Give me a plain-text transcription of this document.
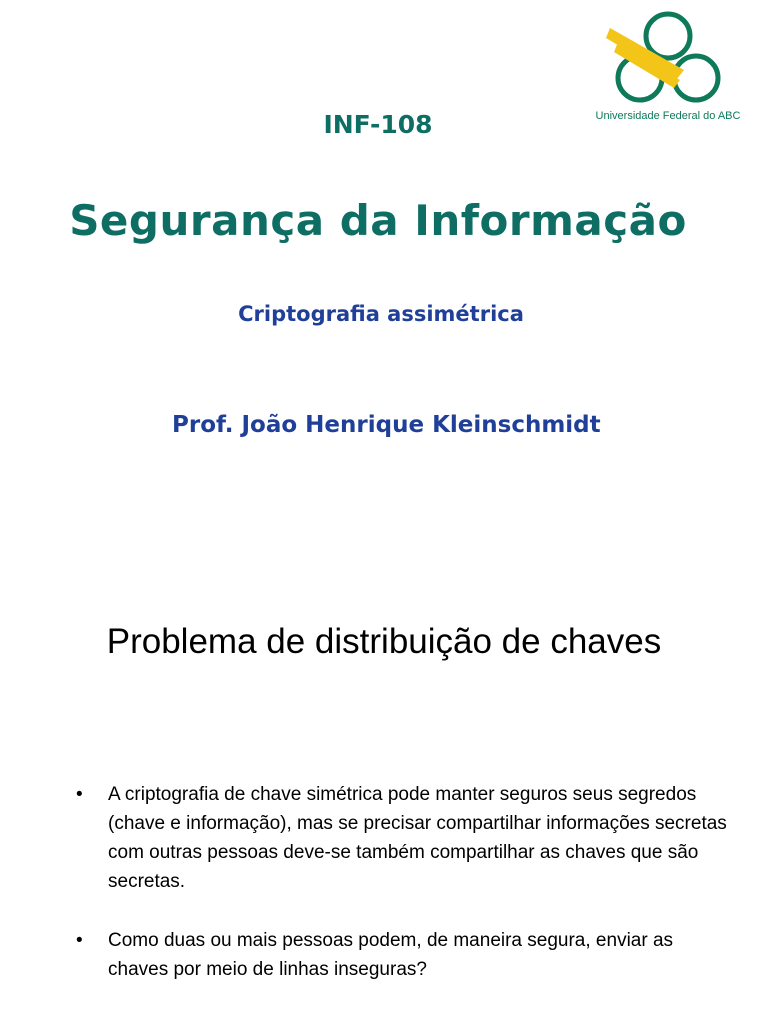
Universidade Federal do ABC
INF-108
Segurança da Informação
Criptografia assimétrica
Prof. João Henrique Kleinschmidt
Problema de distribuição de chaves
• A criptografia de chave simétrica pode manter seguros seus segredos (chave e informação), mas se precisar compartilhar informações secretas com outras pessoas deve-se também compartilhar as chaves que são secretas.
• Como duas ou mais pessoas podem, de maneira segura, enviar as chaves por meio de linhas inseguras?
